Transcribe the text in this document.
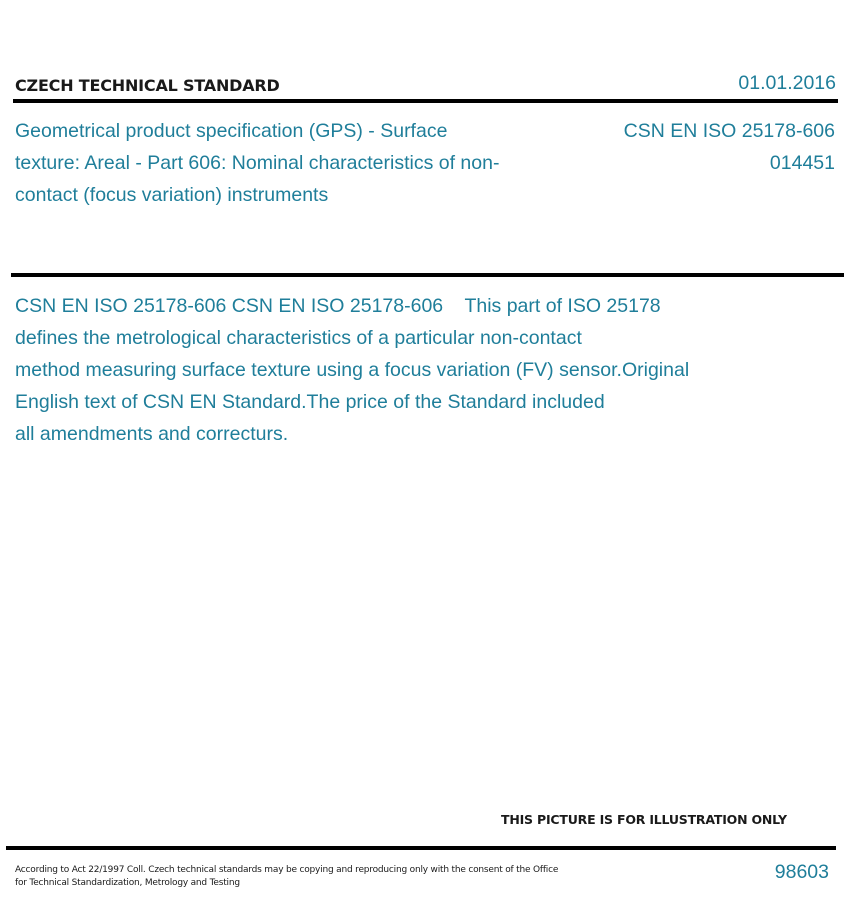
CZECH TECHNICAL STANDARD	01.01.2016
Geometrical product specification (GPS) - Surface texture: Areal - Part 606: Nominal characteristics of non-contact (focus variation) instruments
CSN EN ISO 25178-606
014451
CSN EN ISO 25178-606 CSN EN ISO 25178-606    This part of ISO 25178
defines the metrological characteristics of a particular non-contact
method measuring surface texture using a focus variation (FV) sensor.Original
English text of CSN EN Standard.The price of the Standard included
all amendments and correcturs.
THIS PICTURE IS FOR ILLUSTRATION ONLY
According to Act 22/1997 Coll. Czech technical standards may be copying and reproducing only with the consent of the Office
for Technical Standardization, Metrology and Testing	98603
